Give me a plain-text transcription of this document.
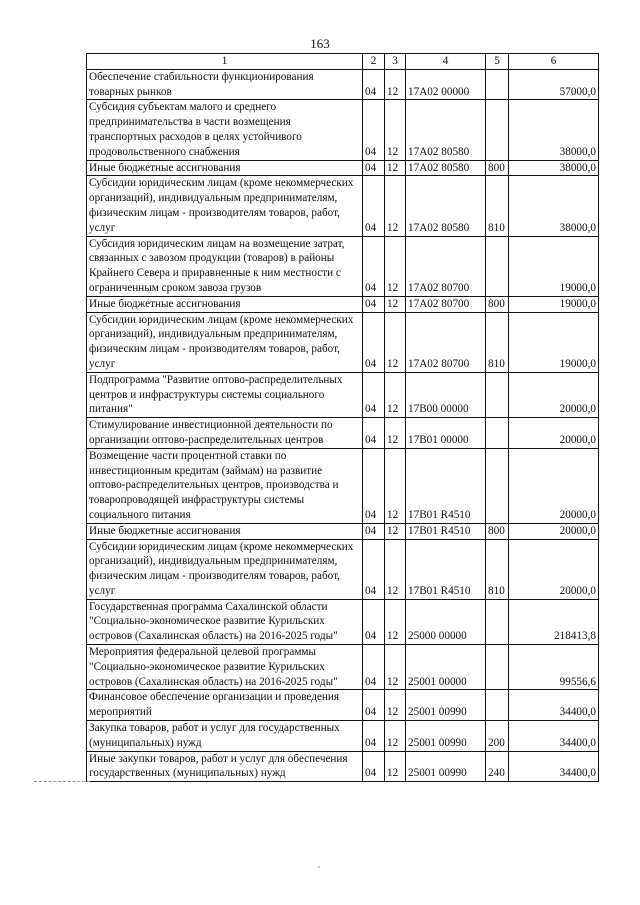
163
1	2	3	4	5	6
Обеспечение стабильности функционирования товарных рынков	04	12	17А02 00000		57000,0
Субсидия субъектам малого и среднего предпринимательства в части возмещения транспортных расходов в целях устойчивого продовольственного снабжения	04	12	17А02 80580		38000,0
Иные бюджетные ассигнования	04	12	17А02 80580	800	38000,0
Субсидии юридическим лицам (кроме некоммерческих организаций), индивидуальным предпринимателям, физическим лицам - производителям товаров, работ, услуг	04	12	17А02 80580	810	38000,0
Субсидия юридическим лицам на возмещение затрат, связанных с завозом продукции (товаров) в районы Крайнего Севера и приравненные к ним местности с ограниченным сроком завоза грузов	04	12	17А02 80700		19000,0
Иные бюджетные ассигнования	04	12	17А02 80700	800	19000,0
Субсидии юридическим лицам (кроме некоммерческих организаций), индивидуальным предпринимателям, физическим лицам - производителям товаров, работ, услуг	04	12	17А02 80700	810	19000,0
Подпрограмма "Развитие оптово-распределительных центров и инфраструктуры системы социального питания"	04	12	17В00 00000		20000,0
Стимулирование инвестиционной деятельности по организации оптово-распределительных центров	04	12	17В01 00000		20000,0
Возмещение части процентной ставки по инвестиционным кредитам (займам) на развитие оптово-распределительных центров, производства и товаропроводящей инфраструктуры системы социального питания	04	12	17В01 R4510		20000,0
Иные бюджетные ассигнования	04	12	17В01 R4510	800	20000,0
Субсидии юридическим лицам (кроме некоммерческих организаций), индивидуальным предпринимателям, физическим лицам - производителям товаров, работ, услуг	04	12	17В01 R4510	810	20000,0
Государственная программа Сахалинской области "Социально-экономическое развитие Курильских островов (Сахалинская область) на 2016-2025 годы"	04	12	25000 00000		218413,8
Мероприятия федеральной целевой программы "Социально-экономическое развитие Курильских островов (Сахалинская область) на 2016-2025 годы"	04	12	25001 00000		99556,6
Финансовое обеспечение организации и проведения мероприятий	04	12	25001 00990		34400,0
Закупка товаров, работ и услуг для государственных (муниципальных) нужд	04	12	25001 00990	200	34400,0
Иные закупки товаров, работ и услуг для обеспечения государственных (муниципальных) нужд	04	12	25001 00990	240	34400,0
